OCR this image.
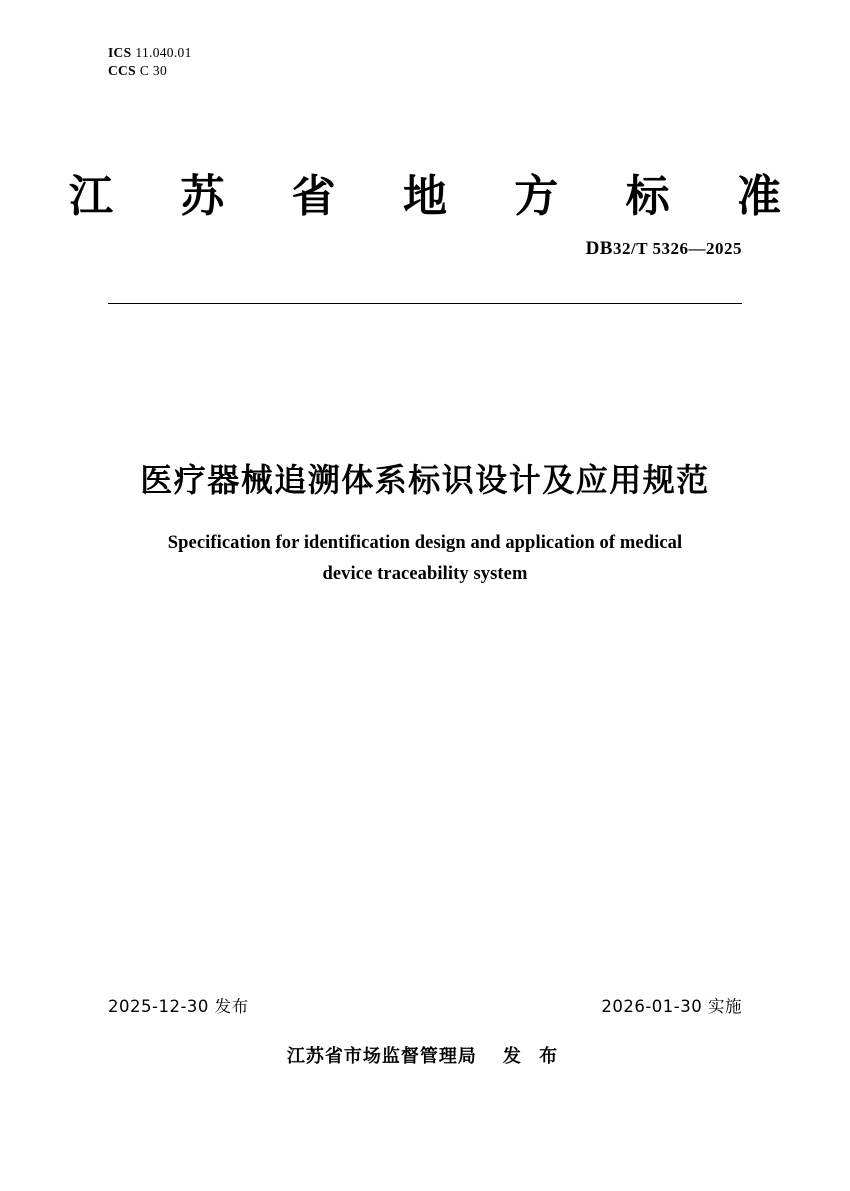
ICS 11.040.01
CCS C 30
江 苏 省 地 方 标 准
DB32/T 5326—2025
医疗器械追溯体系标识设计及应用规范
Specification for identification design and application of medical
device traceability system
2025-12-30 发布	2026-01-30 实施
江苏省市场监督管理局 发 布
